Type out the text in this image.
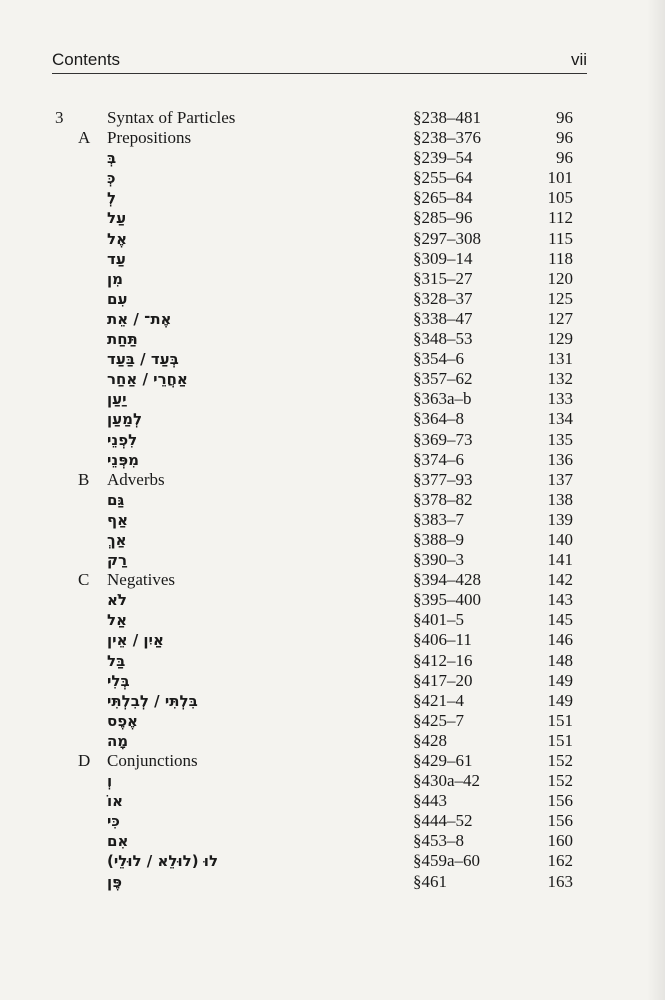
Contents	vii
3	Syntax of Particles	§238–481	96
A Prepositions	§238–376	96
בְּ	§239–54	96
כְּ	§255–64	101
לְ	§265–84	105
עַל	§285–96	112
אֶל	§297–308	115
עַד	§309–14	118
מִן	§315–27	120
עִם	§328–37	125
אֶת־ / אֵת	§338–47	127
תַּחַת	§348–53	129
בְּעַד / בַּעַד	§354–6	131
אַחֲרֵי / אַחַר	§357–62	132
יַעַן	§363a–b	133
לְמַעַן	§364–8	134
לִפְנֵי	§369–73	135
מִפְּנֵי	§374–6	136
B Adverbs	§377–93	137
גַּם	§378–82	138
אַף	§383–7	139
אַךְ	§388–9	140
רַק	§390–3	141
C Negatives	§394–428	142
לֹא	§395–400	143
אַל	§401–5	145
אַיִן / אֵין	§406–11	146
בַּל	§412–16	148
בְּלִי	§417–20	149
בִּלְתִּי / לְבִלְתִּי	§421–4	149
אֶפֶס	§425–7	151
מָה	§428	151
D Conjunctions	§429–61	152
וְ	§430a–42	152
אוֹ	§443	156
כִּי	§444–52	156
אִם	§453–8	160
לוּ (לוּלֵא / לוּלֵי)	§459a–60	162
פֶּן	§461	163
